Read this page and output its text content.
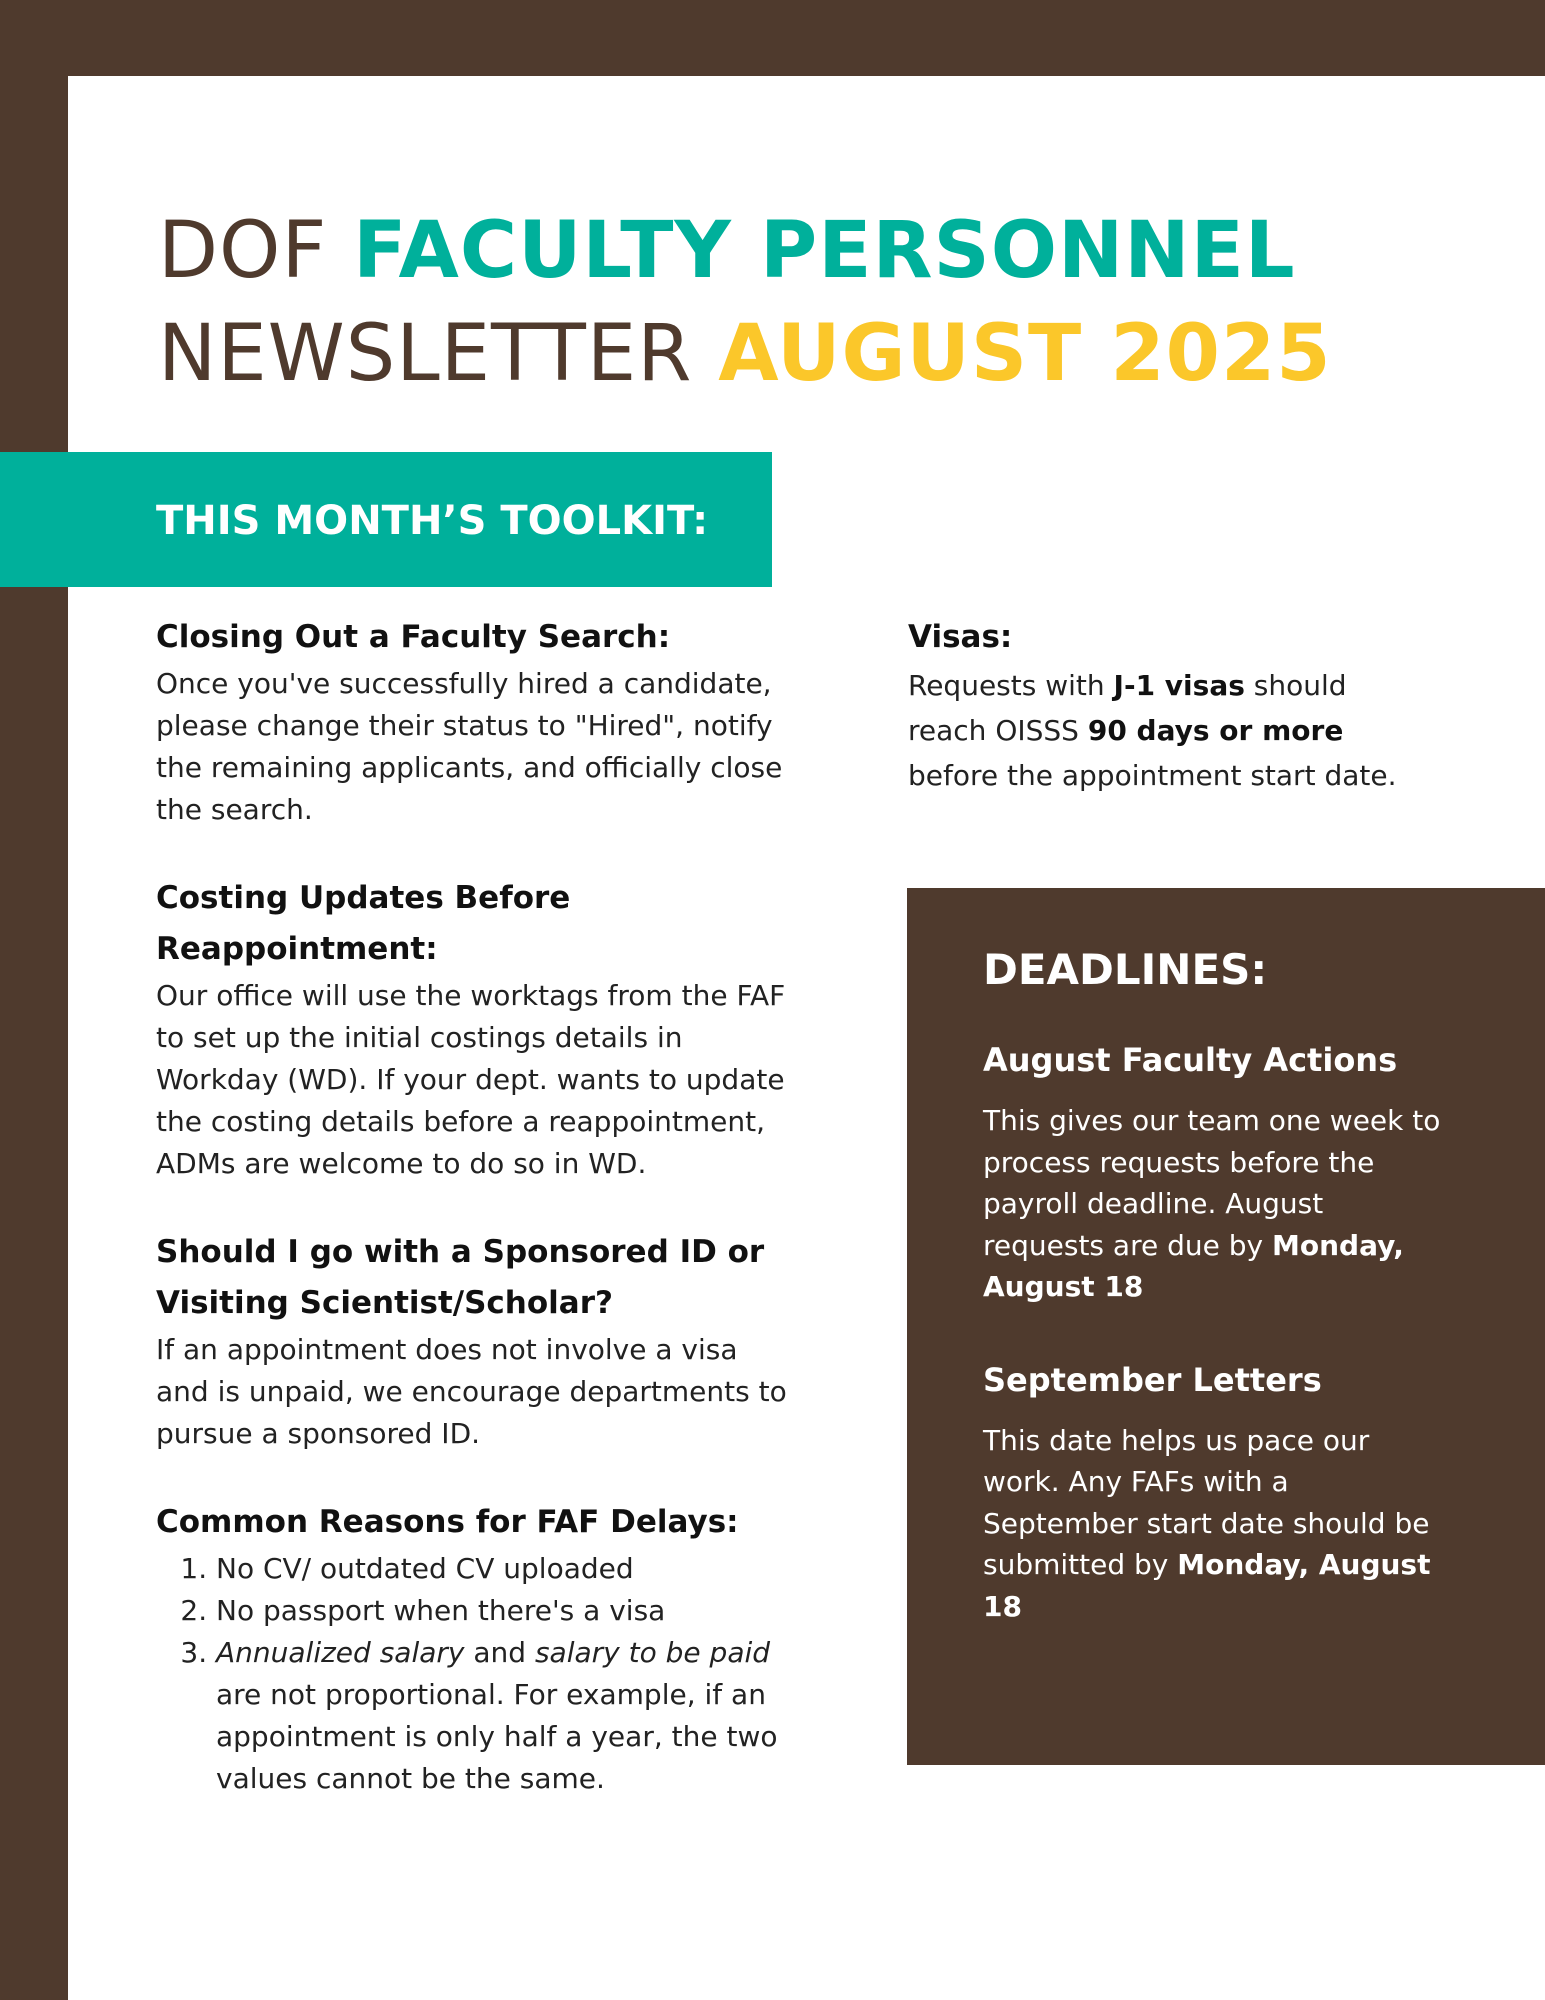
DOF FACULTY PERSONNEL
NEWSLETTER AUGUST 2025
THIS MONTH’S TOOLKIT:
Closing Out a Faculty Search:

Once you've successfully hired a candidate, please change their status to "Hired", notify the remaining applicants, and officially close the search.

Costing Updates Before Reappointment:

Our office will use the worktags from the FAF to set up the initial costings details in Workday (WD). If your dept. wants to update the costing details before a reappointment, ADMs are welcome to do so in WD.

Should I go with a Sponsored ID or Visiting Scientist/Scholar?

If an appointment does not involve a visa and is unpaid, we encourage departments to pursue a sponsored ID.

Common Reasons for FAF Delays:
1. No CV/ outdated CV uploaded
2. No passport when there's a visa
3. Annualized salary and salary to be paid are not proportional. For example, if an appointment is only half a year, the two values cannot be the same.
Visas:

Requests with J-1 visas should reach OISSS 90 days or more before the appointment start date.

DEADLINES:
August Faculty Actions

This gives our team one week to process requests before the payroll deadline. August requests are due by Monday, August 18

September Letters

This date helps us pace our work. Any FAFs with a September start date should be submitted by Monday, August 18
